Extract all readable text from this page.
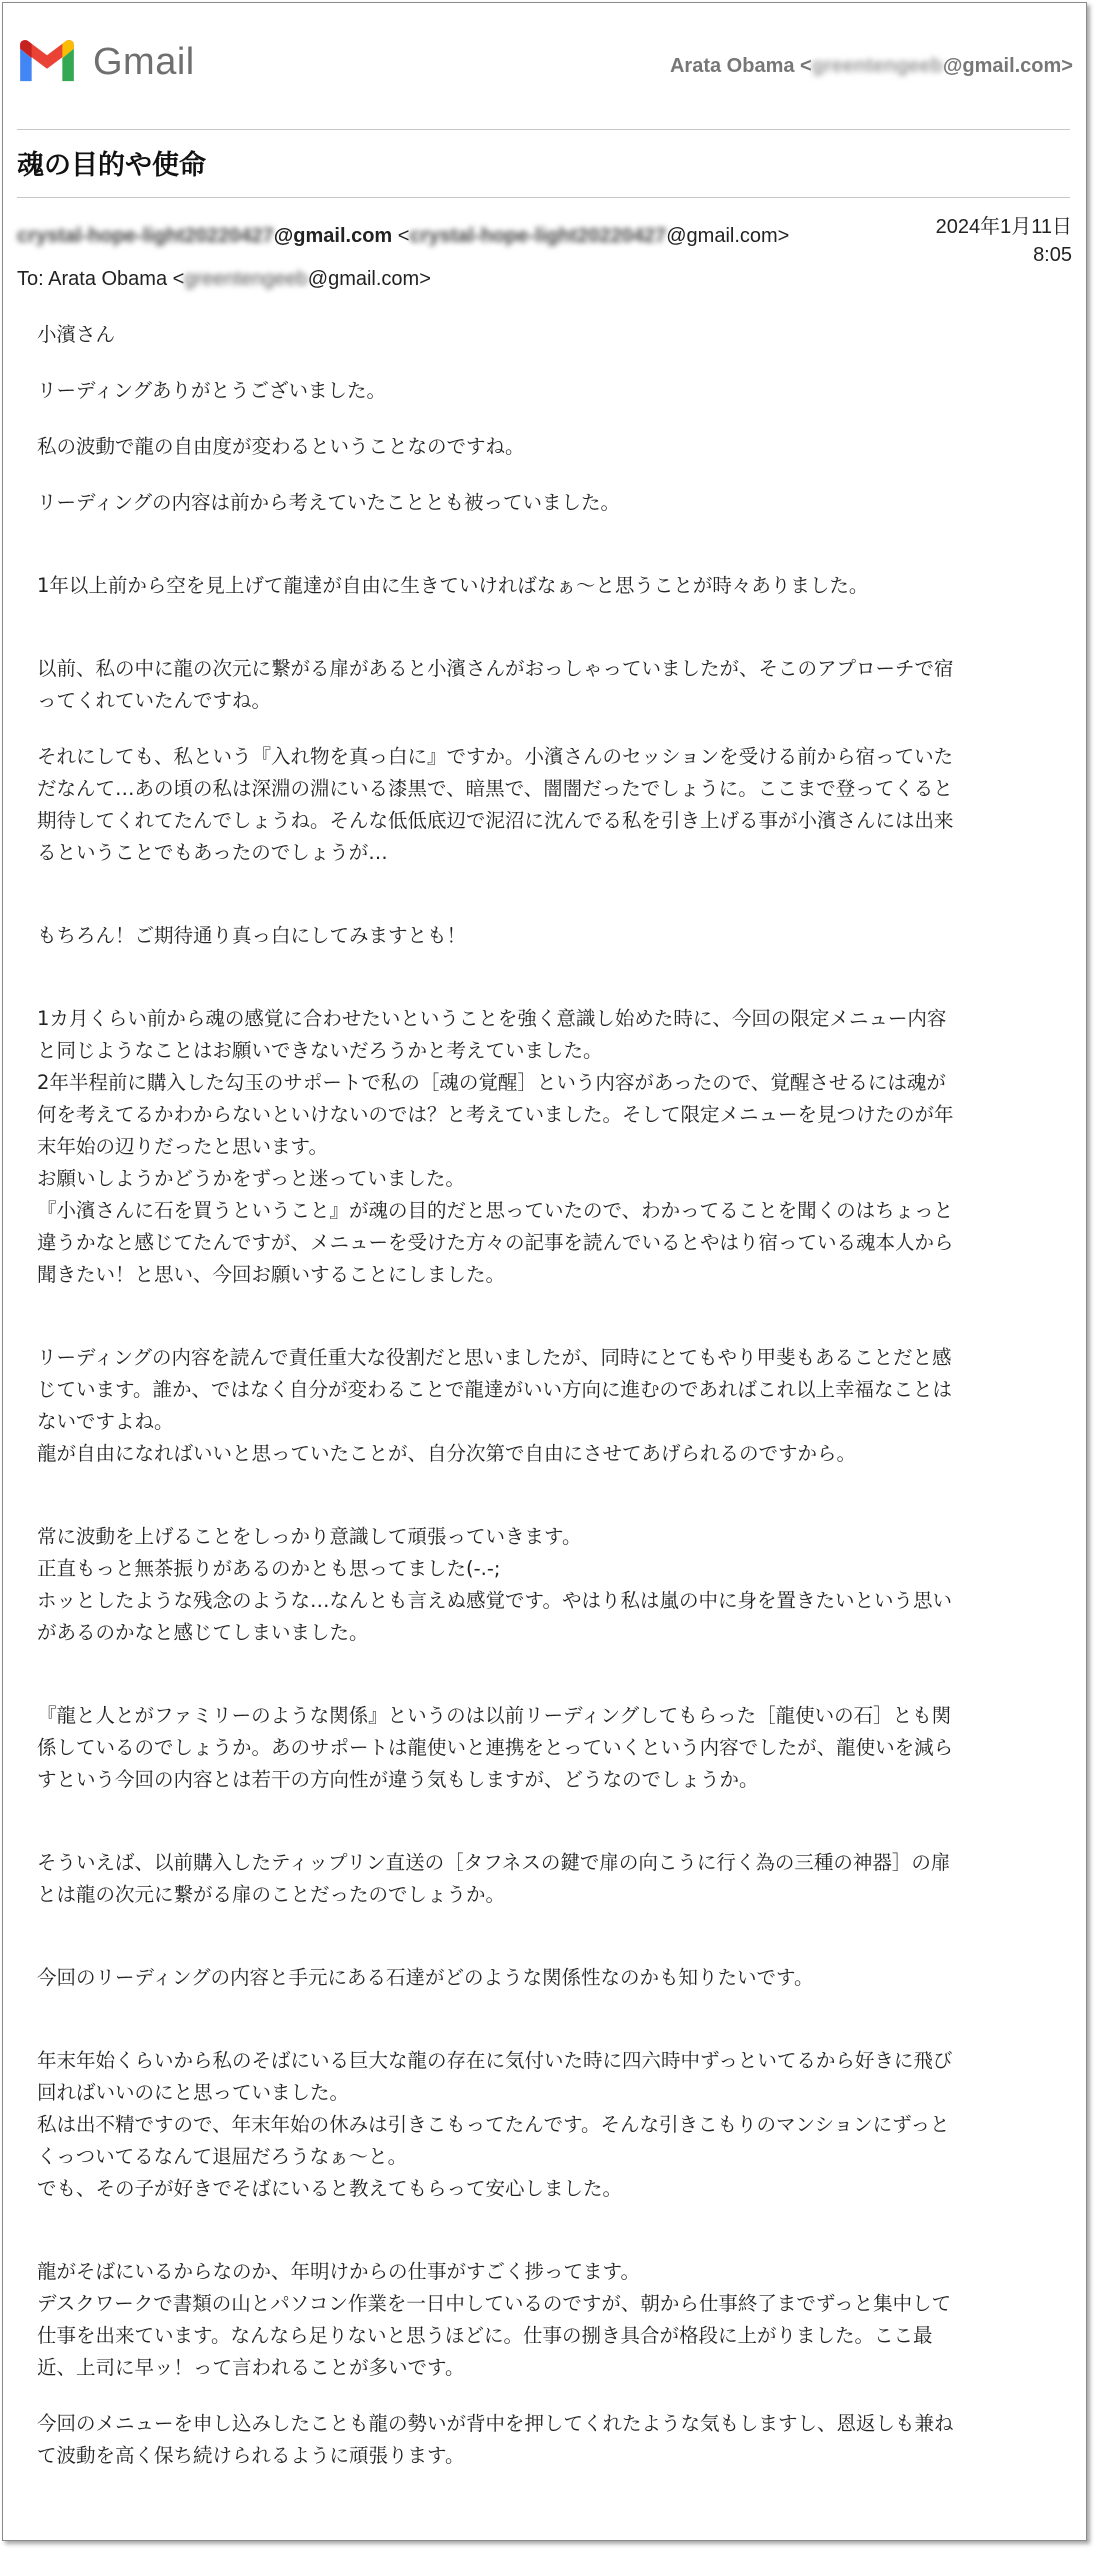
Gmail	Arata Obama < greentengeeb @gmail.com>
魂の目的や使命
crystal-hope-light20220427 @gmail.com < crystal-hope-light20220427 @gmail.com>
To: Arata Obama < greentengeeb @gmail.com>
2024年1月11日
8:05

小濱さん

リーディングありがとうございました。

私の波動で龍の自由度が変わるということなのですね。

リーディングの内容は前から考えていたこととも被っていました。

1年以上前から空を見上げて龍達が自由に生きていければなぁ～と思うことが時々ありました。

以前、私の中に龍の次元に繋がる扉があると小濱さんがおっしゃっていましたが、そこのアプローチで宿
ってくれていたんですね。

それにしても、私という『入れ物を真っ白に』ですか。小濱さんのセッションを受ける前から宿っていた
だなんて…あの頃の私は深淵の淵にいる漆黒で、暗黒で、闇闇だったでしょうに。ここまで登ってくると
期待してくれてたんでしょうね。そんな低低底辺で泥沼に沈んでる私を引き上げる事が小濱さんには出来
るということでもあったのでしょうが…

もちろん！ご期待通り真っ白にしてみますとも！

1カ月くらい前から魂の感覚に合わせたいということを強く意識し始めた時に、今回の限定メニュー内容
と同じようなことはお願いできないだろうかと考えていました。
2年半程前に購入した勾玉のサポートで私の［魂の覚醒］という内容があったので、覚醒させるには魂が
何を考えてるかわからないといけないのでは？と考えていました。そして限定メニューを見つけたのが年
末年始の辺りだったと思います。
お願いしようかどうかをずっと迷っていました。
『小濱さんに石を買うということ』が魂の目的だと思っていたので、わかってることを聞くのはちょっと
違うかなと感じてたんですが、メニューを受けた方々の記事を読んでいるとやはり宿っている魂本人から
聞きたい！と思い、今回お願いすることにしました。

リーディングの内容を読んで責任重大な役割だと思いましたが、同時にとてもやり甲斐もあることだと感
じています。誰か、ではなく自分が変わることで龍達がいい方向に進むのであればこれ以上幸福なことは
ないですよね。
龍が自由になればいいと思っていたことが、自分次第で自由にさせてあげられるのですから。

常に波動を上げることをしっかり意識して頑張っていきます。
正直もっと無茶振りがあるのかとも思ってました(-.-;
ホッとしたような残念のような…なんとも言えぬ感覚です。やはり私は嵐の中に身を置きたいという思い
があるのかなと感じてしまいました。

『龍と人とがファミリーのような関係』というのは以前リーディングしてもらった［龍使いの石］とも関
係しているのでしょうか。あのサポートは龍使いと連携をとっていくという内容でしたが、龍使いを減ら
すという今回の内容とは若干の方向性が違う気もしますが、どうなのでしょうか。

そういえば、以前購入したティップリン直送の［タフネスの鍵で扉の向こうに行く為の三種の神器］の扉
とは龍の次元に繋がる扉のことだったのでしょうか。

今回のリーディングの内容と手元にある石達がどのような関係性なのかも知りたいです。

年末年始くらいから私のそばにいる巨大な龍の存在に気付いた時に四六時中ずっといてるから好きに飛び
回ればいいのにと思っていました。
私は出不精ですので、年末年始の休みは引きこもってたんです。そんな引きこもりのマンションにずっと
くっついてるなんて退屈だろうなぁ～と。
でも、その子が好きでそばにいると教えてもらって安心しました。

龍がそばにいるからなのか、年明けからの仕事がすごく捗ってます。
デスクワークで書類の山とパソコン作業を一日中しているのですが、朝から仕事終了までずっと集中して
仕事を出来ています。なんなら足りないと思うほどに。仕事の捌き具合が格段に上がりました。ここ最
近、上司に早ッ！って言われることが多いです。

今回のメニューを申し込みしたことも龍の勢いが背中を押してくれたような気もしますし、恩返しも兼ね
て波動を高く保ち続けられるように頑張ります。
